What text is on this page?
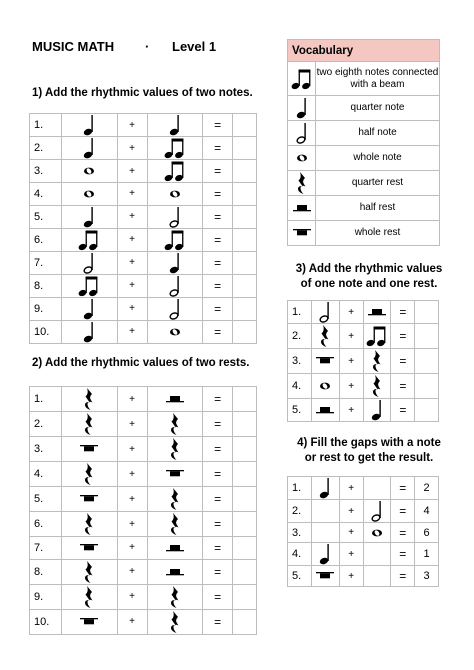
MUSIC MATH · Level 1
1) Add the rhythmic values of two notes.
1.		+		=	
2.		+		=	
3.		+		=	
4.		+		=	
5.		+		=	
6.		+		=	
7.		+		=	
8.		+		=	
9.		+		=	
10.		+		=	
2) Add the rhythmic values of two rests.
1.		+		=	
2.		+		=	
3.		+		=	
4.		+		=	
5.		+		=	
6.		+		=	
7.		+		=	
8.		+		=	
9.		+		=	
10.		+		=	
Vocabulary	

	two eighth notes connected with a beam

	quarter note

	half note

	whole note

	quarter rest

	half rest

	whole rest
3) Add the rhythmic values
of one note and one rest.
1.		+		=	
2.		+		=	
3.		+		=	
4.		+		=	
5.		+		=	
4) Fill the gaps with a note
or rest to get the result.
1.		+		=	2
2.		+		=	4
3.		+		=	6
4.		+		=	1
5.		+		=	3
